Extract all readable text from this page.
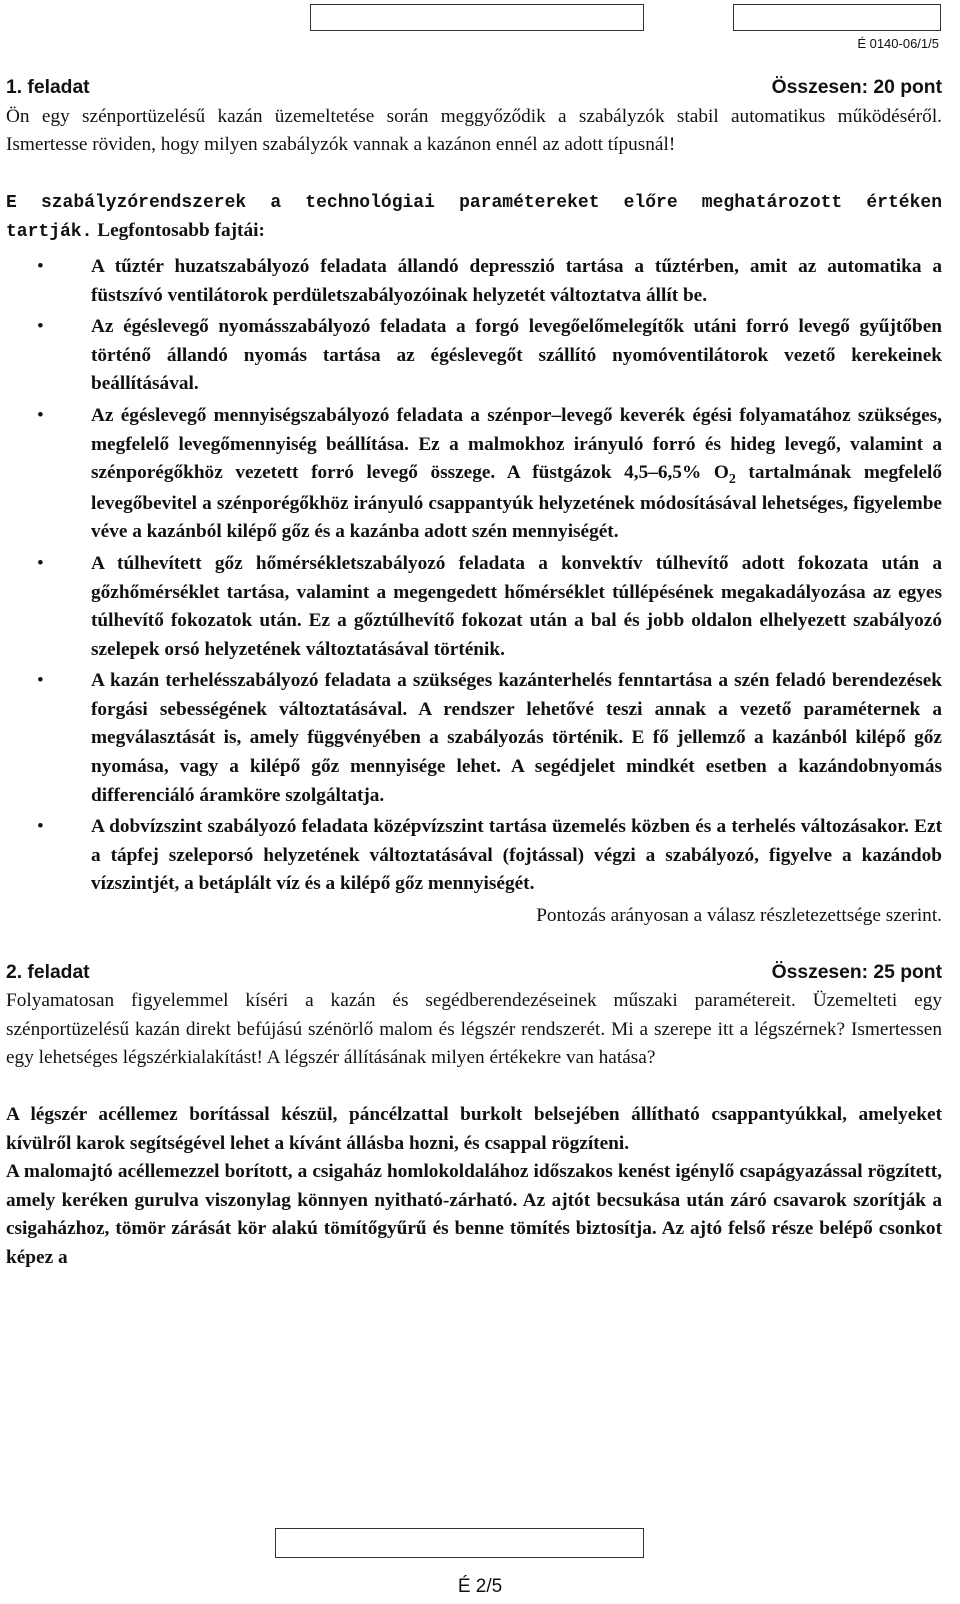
É 0140-06/1/5
1. feladat	Összesen: 20 pont

Ön egy szénportüzelésű kazán üzemeltetése során meggyőződik a szabályzók stabil automatikus működéséről. Ismertesse röviden, hogy milyen szabályzók vannak a kazánon ennél az adott típusnál!

E szabályzórendszerek a technológiai paramétereket előre meghatározott értéken tartják. Legfontosabb fajtái:

• A tűztér huzatszabályozó feladata állandó depresszió tartása a tűztérben, amit az automatika a füstszívó ventilátorok perdületszabályozóinak helyzetét változtatva állít be.
• Az égéslevegő nyomásszabályozó feladata a forgó levegőelőmelegítők utáni forró levegő gyűjtőben történő állandó nyomás tartása az égéslevegőt szállító nyomóventilátorok vezető kerekeinek beállításával.
• Az égéslevegő mennyiségszabályozó feladata a szénpor–levegő keverék égési folyamatához szükséges, megfelelő levegőmennyiség beállítása. Ez a malmokhoz irányuló forró és hideg levegő, valamint a szénporégőkhöz vezetett forró levegő összege. A füstgázok 4,5–6,5% $O_2$ tartalmának megfelelő levegőbevitel a szénporégőkhöz irányuló csappantyúk helyzetének módosításával lehetséges, figyelembe véve a kazánból kilépő gőz és a kazánba adott szén mennyiségét.
• A túlhevített gőz hőmérsékletszabályozó feladata a konvektív túlhevítő adott fokozata után a gőzhőmérséklet tartása, valamint a megengedett hőmérséklet túllépésének megakadályozása az egyes túlhevítő fokozatok után. Ez a gőztúlhevítő fokozat után a bal és jobb oldalon elhelyezett szabályozó szelepek orsó helyzetének változtatásával történik.
• A kazán terhelésszabályozó feladata a szükséges kazánterhelés fenntartása a szén feladó berendezések forgási sebességének változtatásával. A rendszer lehetővé teszi annak a vezető paraméternek a megválasztását is, amely függvényében a szabályozás történik. E fő jellemző a kazánból kilépő gőz nyomása, vagy a kilépő gőz mennyisége lehet. A segédjelet mindkét esetben a kazándobnyomás differenciáló áramköre szolgáltatja.
• A dobvízszint szabályozó feladata középvízszint tartása üzemelés közben és a terhelés változásakor. Ezt a tápfej szeleporsó helyzetének változtatásával (fojtással) végzi a szabályozó, figyelve a kazándob vízszintjét, a betáplált víz és a kilépő gőz mennyiségét.

Pontozás arányosan a válasz részletezettsége szerint.

2. feladat	Összesen: 25 pont

Folyamatosan figyelemmel kíséri a kazán és segédberendezéseinek műszaki paramétereit. Üzemelteti egy szénportüzelésű kazán direkt befújású szénörlő malom és légszér rendszerét. Mi a szerepe itt a légszérnek? Ismertessen egy lehetséges légszérkialakítást! A légszér állításának milyen értékekre van hatása?

A légszér acéllemez borítással készül, páncélzattal burkolt belsejében állítható csappantyúkkal, amelyeket kívülről karok segítségével lehet a kívánt állásba hozni, és csappal rögzíteni.

A malomajtó acéllemezzel borított, a csigaház homlokoldalához időszakos kenést igénylő csapágyazással rögzített, amely keréken gurulva viszonylag könnyen nyitható-zárható. Az ajtót becsukása után záró csavarok szorítják a csigaházhoz, tömör zárását kör alakú tömítőgyűrű és benne tömítés biztosítja. Az ajtó felső része belépő csonkot képez a

É 2/5
